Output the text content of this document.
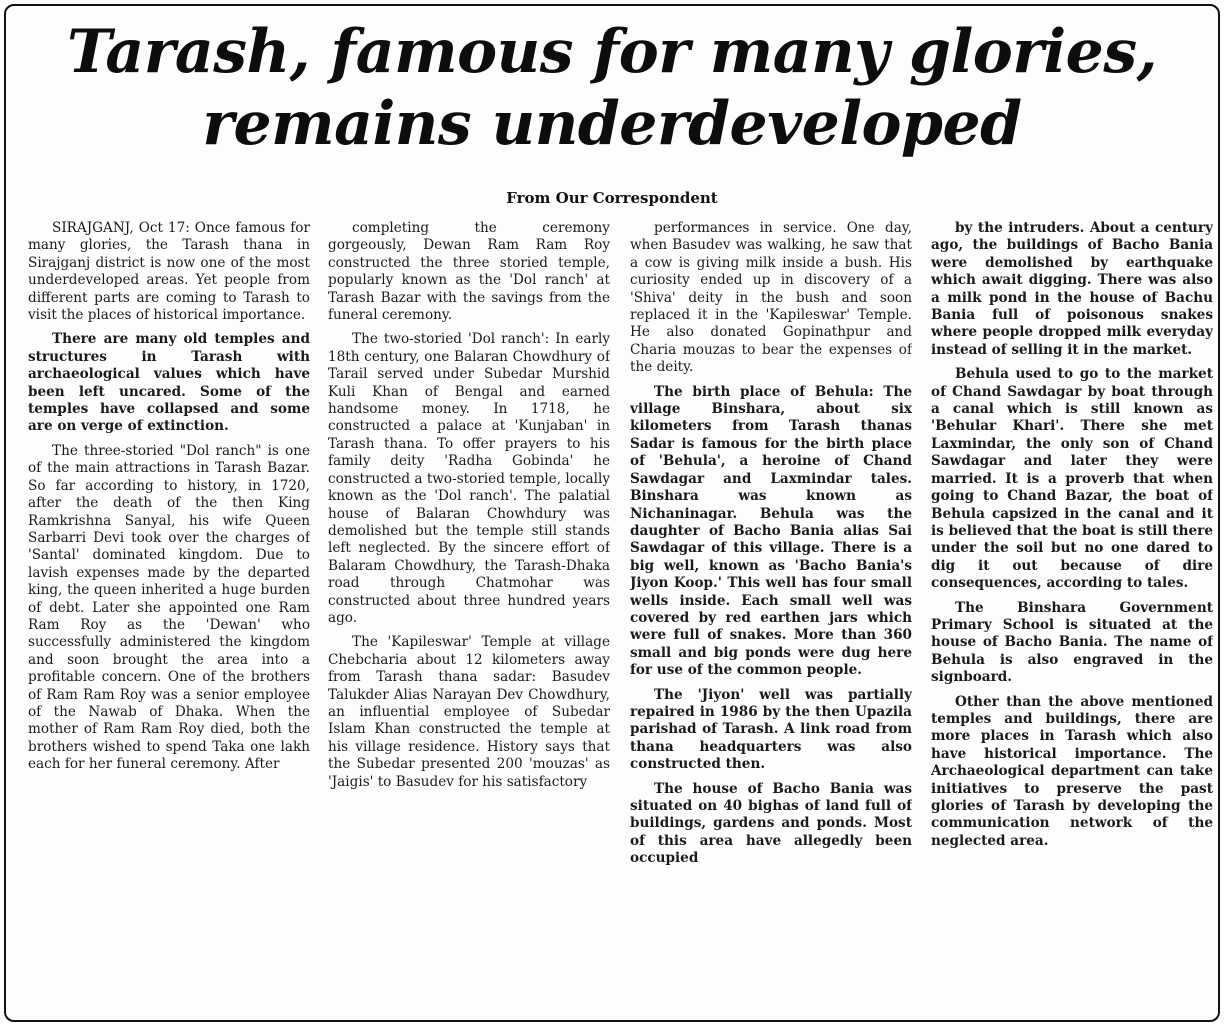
Tarash, famous for many glories,
remains underdeveloped
From Our Correspondent

SIRAJGANJ, Oct 17: Once famous for many glories, the Tarash thana in Sirajganj district is now one of the most underdeveloped areas. Yet people from different parts are coming to Tarash to visit the places of historical importance.

There are many old temples and structures in Tarash with archaeological values which have been left uncared. Some of the temples have collapsed and some are on verge of extinction.

The three-storied "Dol ranch" is one of the main attractions in Tarash Bazar. So far according to history, in 1720, after the death of the then King Ramkrishna Sanyal, his wife Queen Sarbarri Devi took over the charges of 'Santal' dominated kingdom. Due to lavish expenses made by the departed king, the queen inherited a huge burden of debt. Later she appointed one Ram Ram Roy as the 'Dewan' who successfully administered the kingdom and soon brought the area into a profitable concern. One of the brothers of Ram Ram Roy was a senior employee of the Nawab of Dhaka. When the mother of Ram Ram Roy died, both the brothers wished to spend Taka one lakh each for her funeral ceremony. After

completing the ceremony gorgeously, Dewan Ram Ram Roy constructed the three storied temple, popularly known as the 'Dol ranch' at Tarash Bazar with the savings from the funeral ceremony.

The two-storied 'Dol ranch': In early 18th century, one Balaran Chowdhury of Tarail served under Subedar Murshid Kuli Khan of Bengal and earned handsome money. In 1718, he constructed a palace at 'Kunjaban' in Tarash thana. To offer prayers to his family deity 'Radha Gobinda' he constructed a two-storied temple, locally known as the 'Dol ranch'. The palatial house of Balaran Chowhdury was demolished but the temple still stands left neglected. By the sincere effort of Balaram Chowdhury, the Tarash-Dhaka road through Chatmohar was constructed about three hundred years ago.

The 'Kapileswar' Temple at village Chebcharia about 12 kilometers away from Tarash thana sadar: Basudev Talukder Alias Narayan Dev Chowdhury, an influential employee of Subedar Islam Khan constructed the temple at his village residence. History says that the Subedar presented 200 'mouzas' as 'Jaigis' to Basudev for his satisfactory

performances in service. One day, when Basudev was walking, he saw that a cow is giving milk inside a bush. His curiosity ended up in discovery of a 'Shiva' deity in the bush and soon replaced it in the 'Kapileswar' Temple. He also donated Gopinathpur and Charia mouzas to bear the expenses of the deity.

The birth place of Behula: The village Binshara, about six kilometers from Tarash thanas Sadar is famous for the birth place of 'Behula', a heroine of Chand Sawdagar and Laxmindar tales. Binshara was known as Nichaninagar. Behula was the daughter of Bacho Bania alias Sai Sawdagar of this village. There is a big well, known as 'Bacho Bania's Jiyon Koop.' This well has four small wells inside. Each small well was covered by red earthen jars which were full of snakes. More than 360 small and big ponds were dug here for use of the common people.

The 'Jiyon' well was partially repaired in 1986 by the then Upazila parishad of Tarash. A link road from thana headquarters was also constructed then.

The house of Bacho Bania was situated on 40 bighas of land full of buildings, gardens and ponds. Most of this area have allegedly been occupied

by the intruders. About a century ago, the buildings of Bacho Bania were demolished by earthquake which await digging. There was also a milk pond in the house of Bachu Bania full of poisonous snakes where people dropped milk everyday instead of selling it in the market.

Behula used to go to the market of Chand Sawdagar by boat through a canal which is still known as 'Behular Khari'. There she met Laxmindar, the only son of Chand Sawdagar and later they were married. It is a proverb that when going to Chand Bazar, the boat of Behula capsized in the canal and it is believed that the boat is still there under the soil but no one dared to dig it out because of dire consequences, according to tales.

The Binshara Government Primary School is situated at the house of Bacho Bania. The name of Behula is also engraved in the signboard.

Other than the above mentioned temples and buildings, there are more places in Tarash which also have historical importance. The Archaeological department can take initiatives to preserve the past glories of Tarash by developing the communication network of the neglected area.
